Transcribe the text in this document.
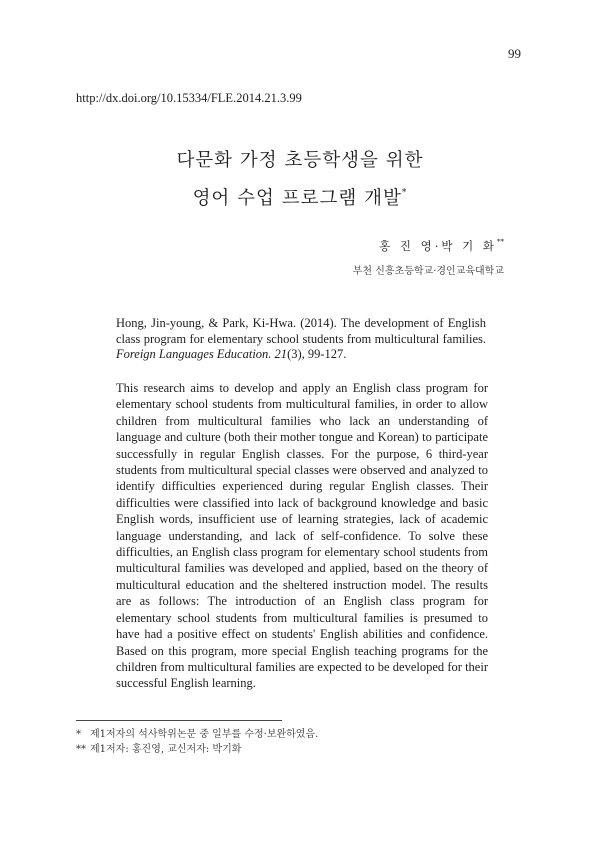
99
http://dx.doi.org/10.15334/FLE.2014.21.3.99
다문화 가정 초등학생을 위한
영어 수업 프로그램 개발*
홍 진 영·박 기 화**
부천 신흥초등학교·경인교육대학교
Hong, Jin-young, & Park, Ki-Hwa. (2014). The development of English class program for elementary school students from multicultural families. Foreign Languages Education. 21(3), 99-127.
This research aims to develop and apply an English class program for elementary school students from multicultural families, in order to allow children from multicultural families who lack an understanding of language and culture (both their mother tongue and Korean) to participate successfully in regular English classes. For the purpose, 6 third-year students from multicultural special classes were observed and analyzed to identify difficulties experienced during regular English classes. Their difficulties were classified into lack of background knowledge and basic English words, insufficient use of learning strategies, lack of academic language understanding, and lack of self-confidence. To solve these difficulties, an English class program for elementary school students from multicultural families was developed and applied, based on the theory of multicultural education and the sheltered instruction model. The results are as follows: The introduction of an English class program for elementary school students from multicultural families is presumed to have had a positive effect on students' English abilities and confidence. Based on this program, more special English teaching programs for the children from multicultural families are expected to be developed for their successful English learning.
* 제1저자의 석사학위논문 중 일부를 수정·보완하였음.
** 제1저자: 홍진영, 교신저자: 박기화
